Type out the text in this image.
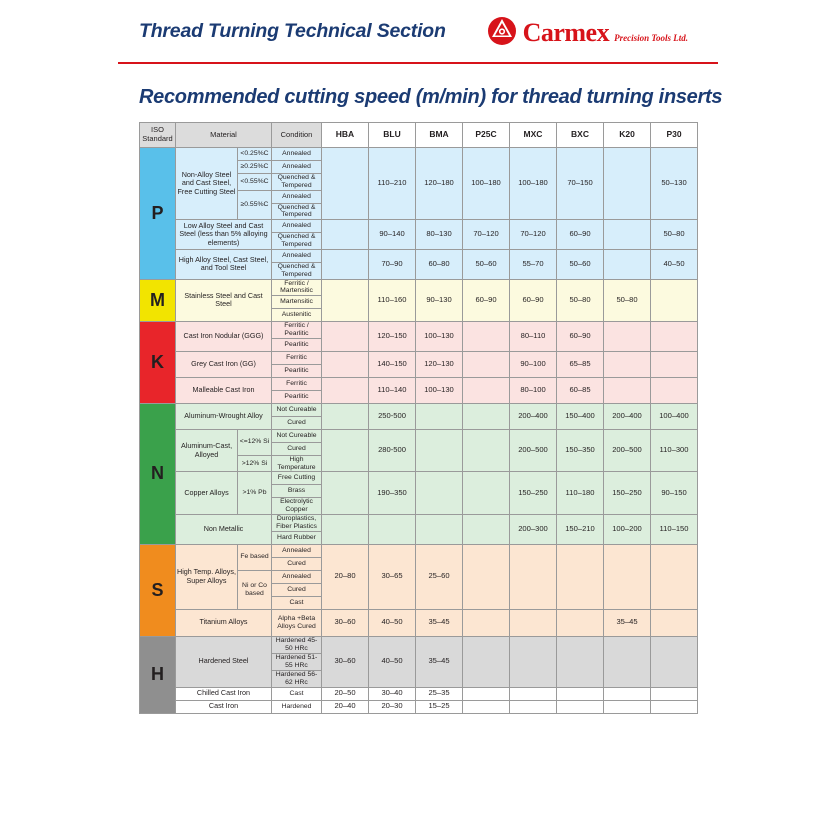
Thread Turning Technical Section	Carmex Precision Tools Ltd.
Recommended cutting speed (m/min) for thread turning inserts
ISO
Standard	Material		Condition	HBA	BLU	BMA	P25C	MXC	BXC	K20	P30
P	Non-Alloy Steel and Cast Steel, Free Cutting Steel	<0.25%C	Annealed		110–210	120–180	100–180	100–180	70–150		50–130
		≥0.25%C	Annealed								
		<0.55%C	Quenched & Tempered								
		≥0.55%C	Annealed								
			Quenched & Tempered								
	Low Alloy Steel and Cast Steel (less than 5% alloying elements)		Annealed		90–140	80–130	70–120	70–120	60–90		50–80
			Quenched & Tempered								
	High Alloy Steel, Cast Steel, and Tool Steel		Annealed		70–90	60–80	50–60	55–70	50–60		40–50
			Quenched & Tempered								
M	Stainless Steel and Cast Steel		Ferritic / Martensitic		110–160	90–130	60–90	60–90	50–80	50–80	
			Martensitic								
			Austenitic								
K	Cast Iron Nodular (GGG)		Ferritic / Pearlitic		120–150	100–130		80–110	60–90		
			Pearlitic								
	Grey Cast Iron (GG)		Ferritic		140–150	120–130		90–100	65–85		
			Pearlitic								
	Malleable Cast Iron		Ferritic		110–140	100–130		80–100	60–85		
			Pearlitic								
N	Aluminum-Wrought Alloy		Not Cureable		250-500			200–400	150–400	200–400	100–400
			Cured								
	Aluminum-Cast, Alloyed	<=12% Si	Not Cureable		280-500			200–500	150–350	200–500	110–300
			Cured								
		>12% Si	High Temperature								
	Copper Alloys	>1% Pb	Free Cutting		190–350			150–250	110–180	150–250	90–150
			Brass								
			Electrolytic Copper								
	Non Metallic		Duroplastics, Fiber Plastics					200–300	150–210	100–200	110–150
			Hard Rubber								
S	High Temp. Alloys, Super Alloys	Fe based	Annealed	20–80	30–65	25–60					
			Cured								
		Ni or Co based	Annealed								
			Cured								
			Cast								
	Titanium Alloys		Alpha +Beta Alloys Cured	30–60	40–50	35–45				35–45	
H	Hardened Steel		Hardened 45-50 HRc	30–60	40–50	35–45					
			Hardened 51-55 HRc								
			Hardened 56-62 HRc								
	Chilled Cast Iron		Cast	20–50	30–40	25–35					
	Cast Iron		Hardened	20–40	20–30	15–25					
